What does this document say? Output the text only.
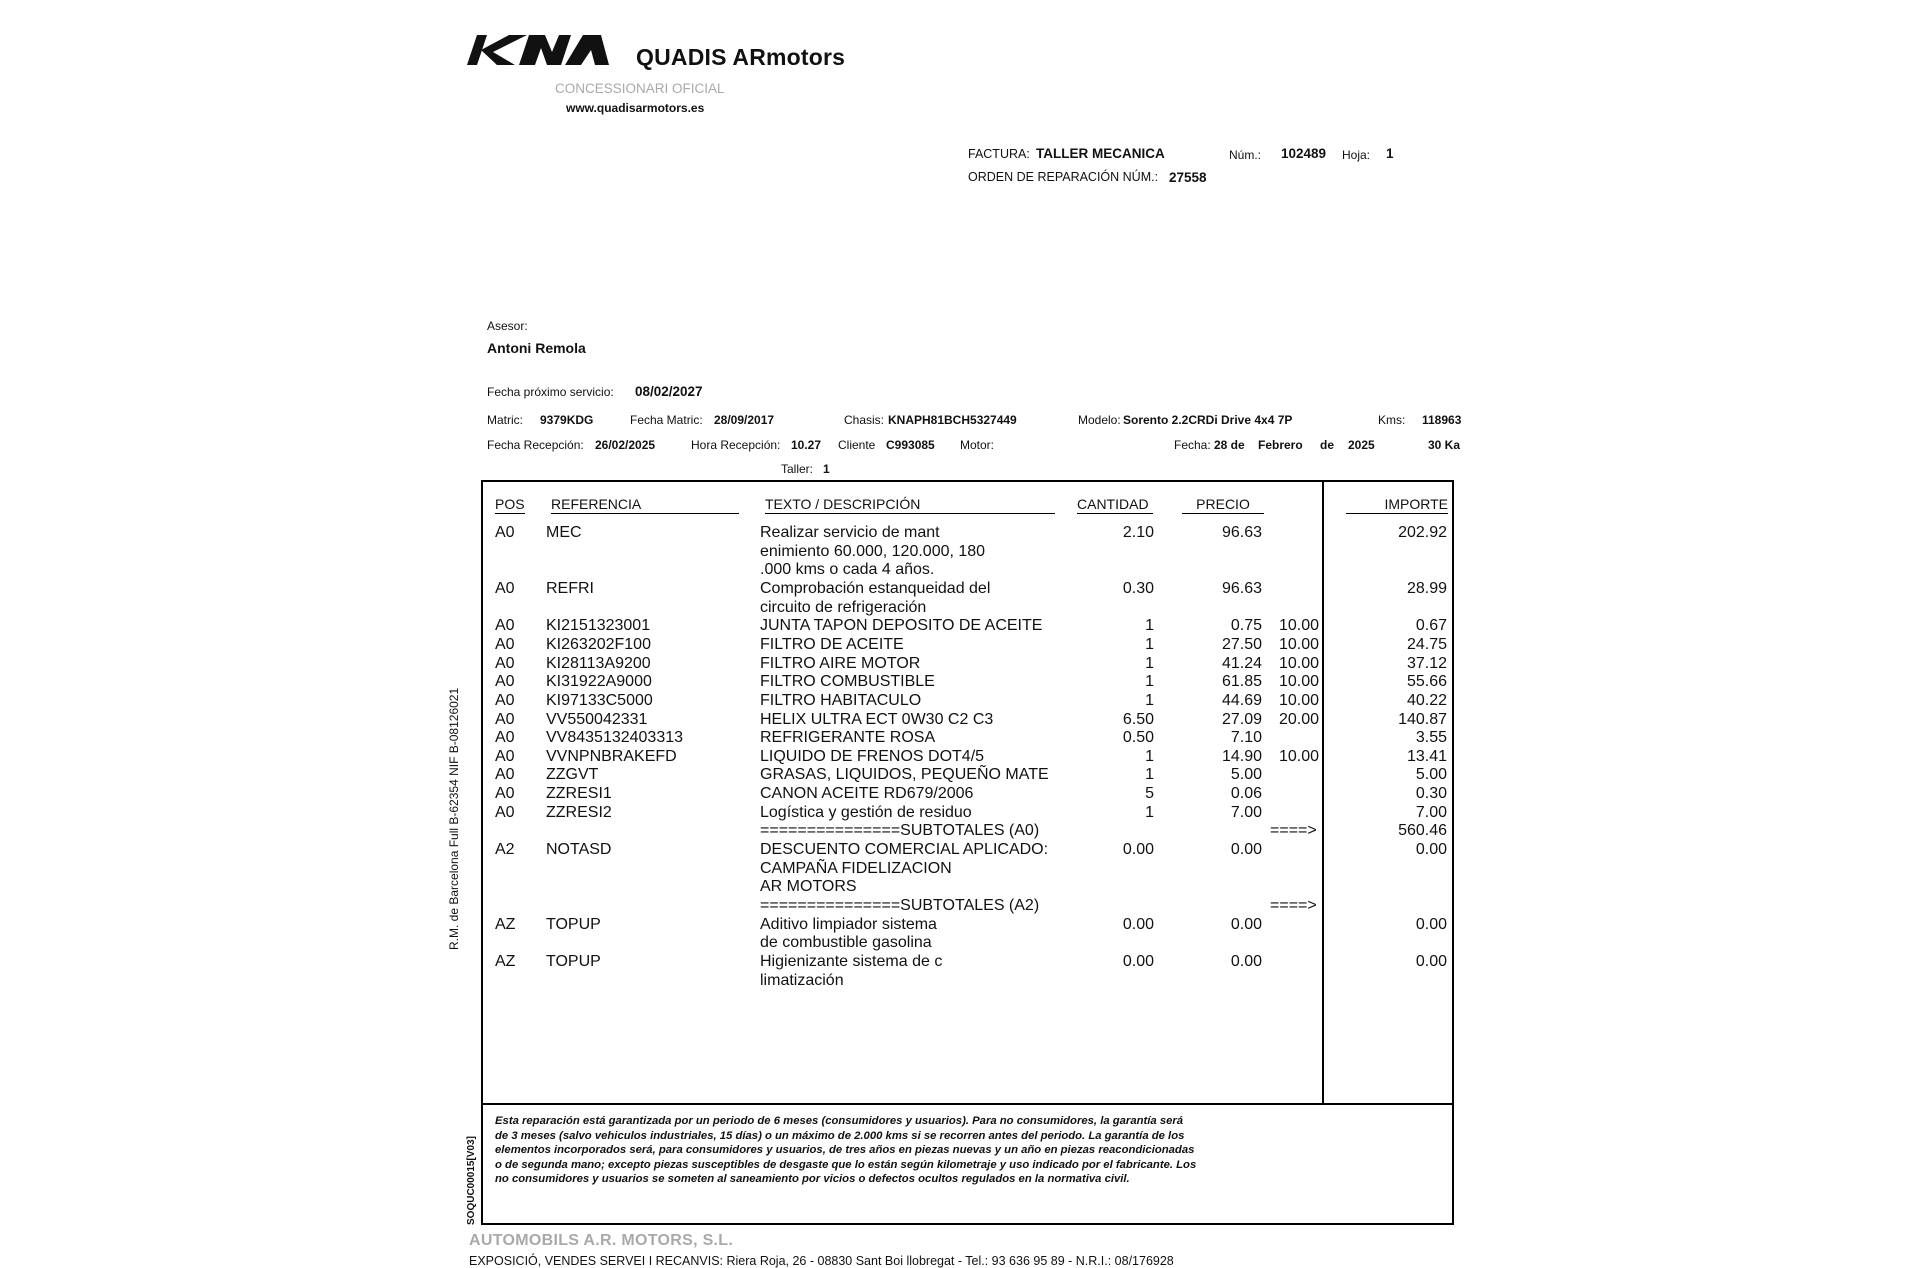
QUADIS ARmotors
CONCESSIONARI OFICIAL
www.quadisarmotors.es
FACTURA: TALLER MECANICA	Núm.: 102489 Hoja: 1
ORDEN DE REPARACIÓN NÚM.: 27558
Asesor:
Antoni Remola
Fecha próximo servicio: 08/02/2027
Matric: 9379KDG	Fecha Matric: 28/09/2017	Chasis: KNAPH81BCH5327449	Modelo: Sorento 2.2CRDi Drive 4x4 7P	Kms: 118963
Fecha Recepción: 26/02/2025	Hora Recepción: 10.27 Cliente C993085 Motor:	Fecha: 28 de Febrero de 2025	30 Ka
Taller: 1
R.M. de Barcelona Full B-62354 NIF B-08126021
SOQUC00015[V03]
POS REFERENCIA	TEXTO / DESCRIPCIÓN	CANTIDAD	PRECIO	IMPORTE
A0 MEC	Realizar servicio de mant	2.10	96.63	202.92
enimiento 60.000, 120.000, 180
.000 kms o cada 4 años.
A0 REFRI	Comprobación estanqueidad del	0.30	96.63	28.99
circuito de refrigeración
A0 KI2151323001	JUNTA TAPON DEPOSITO DE ACEITE	1	0.75 10.00	0.67
A0 KI263202F100	FILTRO DE ACEITE	1	27.50 10.00	24.75
A0 KI28113A9200	FILTRO AIRE MOTOR	1	41.24 10.00	37.12
A0 KI31922A9000	FILTRO COMBUSTIBLE	1	61.85 10.00	55.66
A0 KI97133C5000	FILTRO HABITACULO	1	44.69 10.00	40.22
A0 VV550042331	HELIX ULTRA ECT 0W30 C2 C3	6.50	27.09 20.00	140.87
A0 VV8435132403313	REFRIGERANTE ROSA	0.50	7.10	3.55
A0 VVNPNBRAKEFD	LIQUIDO DE FRENOS DOT4/5	1	14.90 10.00	13.41
A0 ZZGVT	GRASAS, LIQUIDOS, PEQUEÑO MATE	1	5.00	5.00
A0 ZZRESI1	CANON ACEITE RD679/2006	5	0.06	0.30
A0 ZZRESI2	Logística y gestión de residuo	1	7.00	7.00
===============SUBTOTALES (A0)	====>	560.46
A2 NOTASD	DESCUENTO COMERCIAL APLICADO:	0.00	0.00	0.00
CAMPAÑA FIDELIZACION
AR MOTORS
===============SUBTOTALES (A2)	====>
AZ TOPUP	Aditivo limpiador sistema	0.00	0.00	0.00
de combustible gasolina
AZ TOPUP	Higienizante sistema de c	0.00	0.00	0.00
limatización
Esta reparación está garantizada por un periodo de 6 meses (consumidores y usuarios). Para no consumidores, la garantía será
de 3 meses (salvo vehiculos industriales, 15 días) o un máximo de 2.000 kms si se recorren antes del periodo. La garantía de los
elementos incorporados será, para consumidores y usuarios, de tres años en piezas nuevas y un año en piezas reacondicionadas
o de segunda mano; excepto piezas susceptibles de desgaste que lo están según kilometraje y uso indicado por el fabricante. Los
no consumidores y usuarios se someten al saneamiento por vicios o defectos ocultos regulados en la normativa civil.
AUTOMOBILS A.R. MOTORS, S.L.
EXPOSICIÓ, VENDES SERVEI I RECANVIS: Riera Roja, 26 - 08830 Sant Boi llobregat - Tel.: 93 636 95 89 - N.R.I.: 08/176928
